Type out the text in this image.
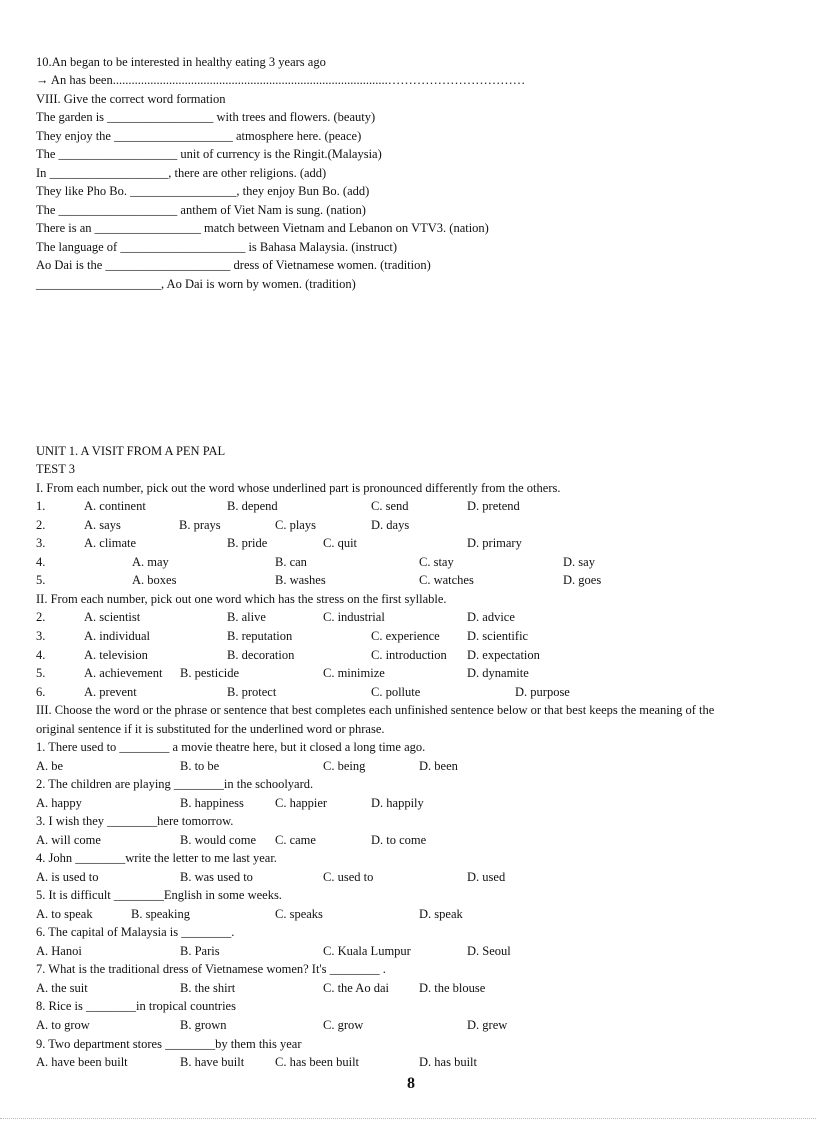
10.An began to be interested in healthy eating 3 years ago
→ An has been........................................................................................……………………………
VIII. Give the correct word formation
The garden is _________________ with trees and flowers. (beauty)
They enjoy the ___________________ atmosphere here. (peace)
The ___________________ unit of currency is the Ringit.(Malaysia)
In ___________________, there are other religions. (add)
They like Pho Bo. _________________, they enjoy Bun Bo. (add)
The ___________________ anthem of Viet Nam is sung. (nation)
There is an _________________ match between Vietnam and Lebanon on VTV3. (nation)
The language of ____________________ is Bahasa Malaysia. (instruct)
Ao Dai is the ____________________ dress of Vietnamese women. (tradition)
____________________, Ao Dai is worn by women. (tradition)
UNIT 1. A VISIT FROM A PEN PAL
TEST 3
I. From each number, pick out the word whose underlined part is pronounced differently from the others.
1.	A. continent	B. depend	C. send	D. pretend
2.	A. says	B. prays	C. plays	D. days
3.	A. climate	B. pride	C. quit	D. primary
4.	A. may	B. can	C. stay	D. say
5.	A. boxes	B. washes	C. watches	D. goes
II. From each number, pick out one word which has the stress on the first syllable.
2.	A. scientist	B. alive	C. industrial	D. advice
3.	A. individual	B. reputation	C. experience D. scientific
4.	A. television	B. decoration	C. introduction D. expectation
5.	A. achievement B. pesticide	C. minimize	D. dynamite
6.	A. prevent	B. protect	C. pollute	D. purpose
III. Choose the word or the phrase or sentence that best completes each unfinished sentence below or that best keeps the meaning of the
original sentence if it is substituted for the underlined word or phrase.
1. There used to ________ a movie theatre here, but it closed a long time ago.
A. be	B. to be	C. being	D. been
2. The children are playing ________in the schoolyard.
A. happy	B. happiness C. happier	D. happily
3. I wish they ________here tomorrow.
A. will come	B. would come C. came	D. to come
4. John ________write the letter to me last year.
A. is used to	B. was used to	C. used to	D. used
5. It is difficult ________English in some weeks.
A. to speak	B. speaking	C. speaks	D. speak
6. The capital of Malaysia is ________.
A. Hanoi	B. Paris	C. Kuala Lumpur	D. Seoul
7. What is the traditional dress of Vietnamese women? It's ________ .
A. the suit	B. the shirt	C. the Ao dai D. the blouse
8. Rice is ________in tropical countries
A. to grow	B. grown	C. grow	D. grew
9. Two department stores ________by them this year
A. have been built	B. have built C. has been built	D. has built
8
